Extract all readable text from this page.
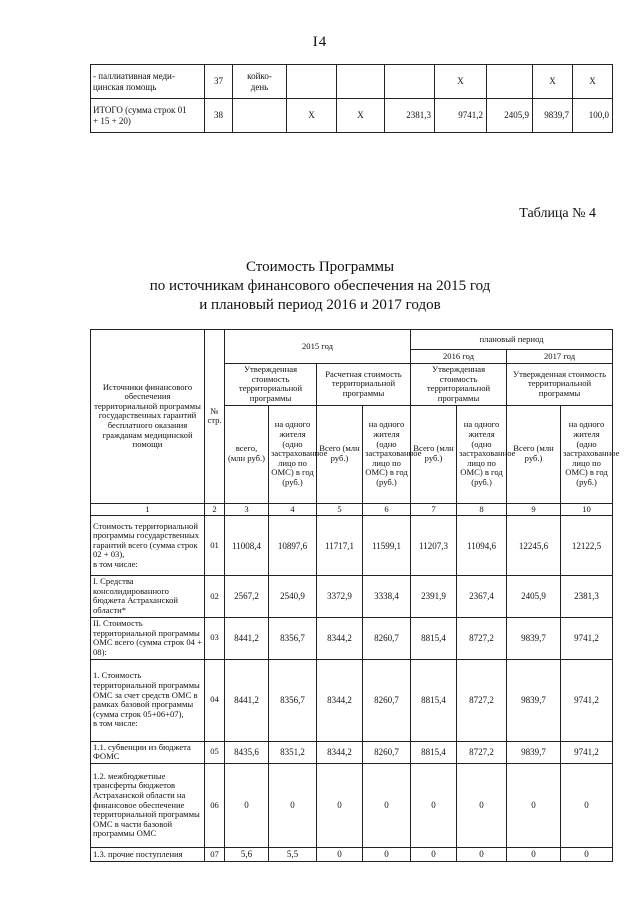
I4
- паллиативная меди-
цинская помощь	37	койко-
день				X		X	X
ИТОГО (сумма строк 01
+ 15 + 20)	38		X	X	2381,3	9741,2	2405,9	9839,7	100,0
Таблица № 4
Стоимость Программы
по источникам финансового обеспечения на 2015 год
и плановый период 2016 и 2017 годов
Источники финансового обеспечения территориальной программы государственных гарантий бесплатного оказания гражданам медицинской помощи	№ стр.	2015 год				плановый период			
						2016 год		2017 год	
		Утвержденная стоимость территориальной программы		Расчетная стоимость территориальной программы		Утвержденная стоимость территориальной программы		Утвержденная стоимость территориальной программы	
		всего, (млн руб.)	на одного жителя (одно застрахованное лицо по ОМС) в год (руб.)	Всего (млн руб.)	на одного жителя (одно застрахованное лицо по ОМС) в год (руб.)	Всего (млн руб.)	на одного жителя (одно застрахованное лицо по ОМС) в год (руб.)	Всего (млн руб.)	на одного жителя (одно застрахованное лицо по ОМС) в год (руб.)
1	2	3	4	5	6	7	8	9	10
Стоимость территориальной программы государственных гарантий всего (сумма строк 02 + 03),
в том числе:	01	11008,4	10897,6	11717,1	11599,1	11207,3	11094,6	12245,6	12122,5
I. Средства консолидированного бюджета Астраханской области*	02	2567,2	2540,9	3372,9	3338,4	2391,9	2367,4	2405,9	2381,3
II. Стоимость территориальной программы ОМС всего (сумма строк 04 + 08):	03	8441,2	8356,7	8344,2	8260,7	8815,4	8727,2	9839,7	9741,2
1. Стоимость территориальной программы ОМС за счет средств ОМС в рамках базовой программы (сумма строк 05+06+07),
в том числе:	04	8441,2	8356,7	8344,2	8260,7	8815,4	8727,2	9839,7	9741,2
1.1. субвенции из бюджета ФОМС	05	8435,6	8351,2	8344,2	8260,7	8815,4	8727,2	9839,7	9741,2
1.2. межбюджетные трансферты бюджетов Астраханской области на финансовое обеспечение территориальной программы ОМС в части базовой программы ОМС	06	0	0	0	0	0	0	0	0
1.3. прочие поступления	07	5,6	5,5	0	0	0	0	0	0
